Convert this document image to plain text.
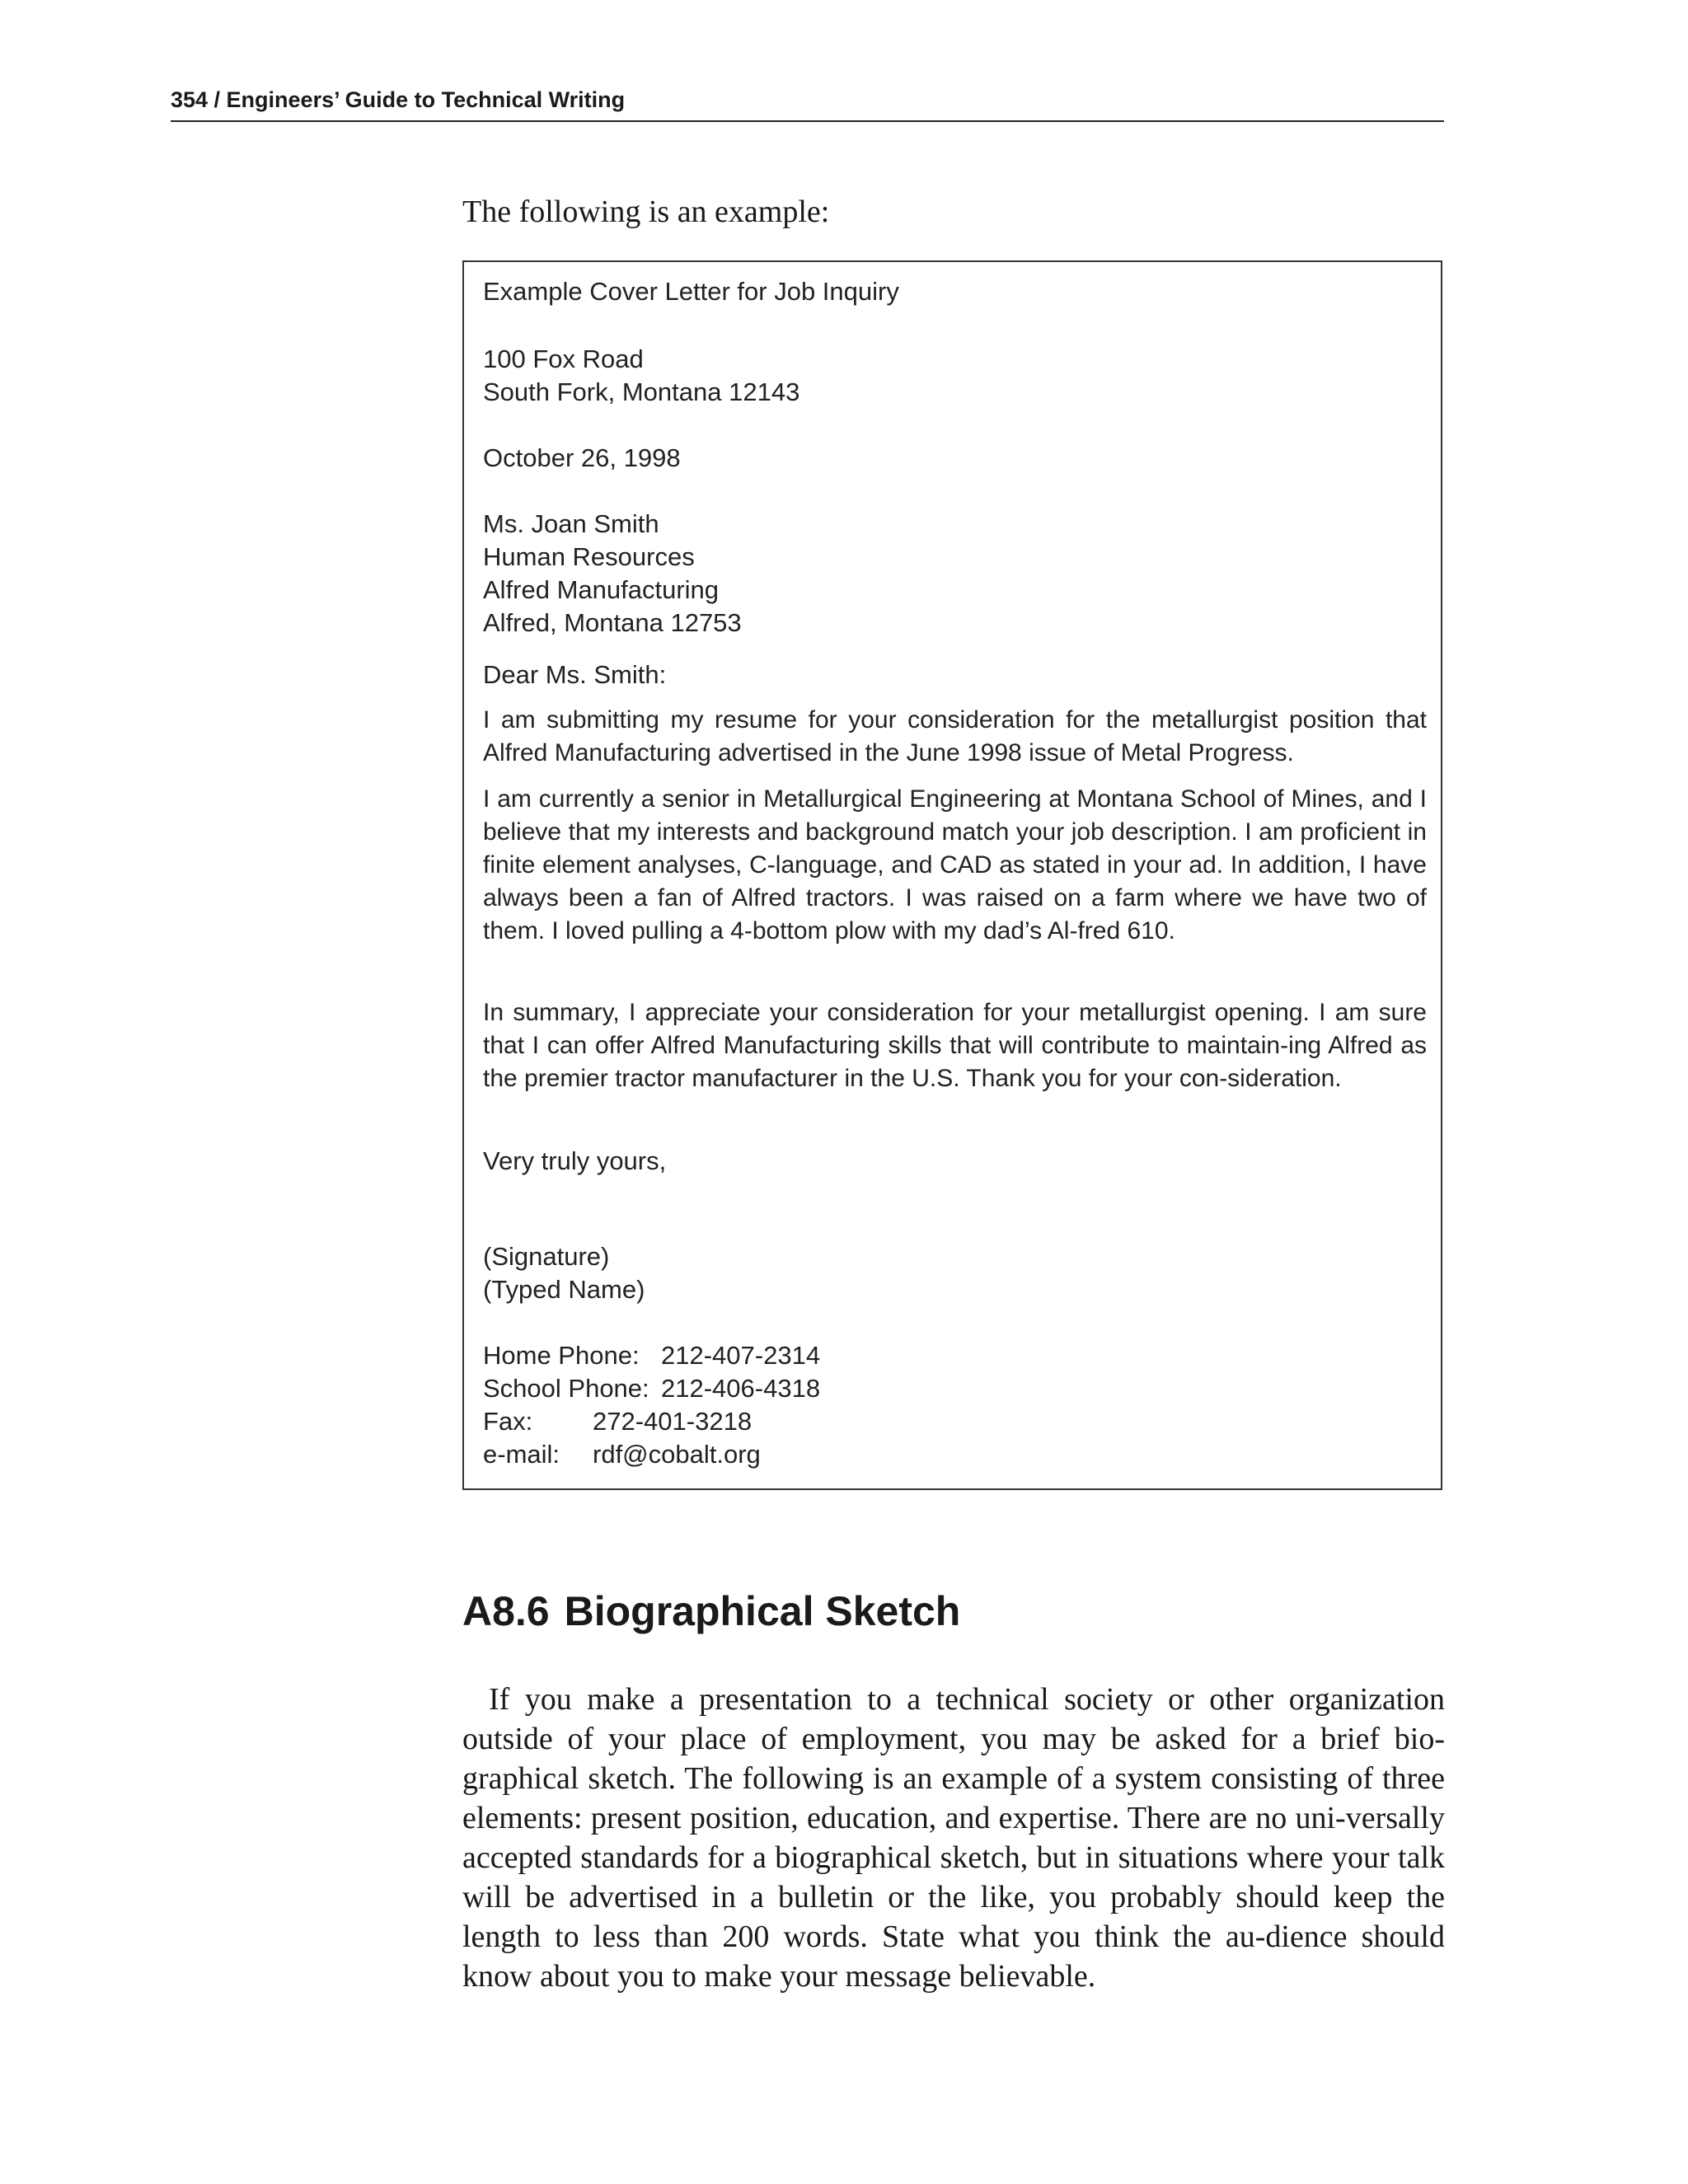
354 / Engineers’ Guide to Technical Writing
The following is an example:
Example Cover Letter for Job Inquiry
100 Fox Road
South Fork, Montana 12143
October 26, 1998
Ms. Joan Smith
Human Resources
Alfred Manufacturing
Alfred, Montana 12753
Dear Ms. Smith:
I am submitting my resume for your consideration for the metallurgist position that Alfred Manufacturing advertised in the June 1998 issue of Metal Progress.
I am currently a senior in Metallurgical Engineering at Montana School of Mines, and I believe that my interests and background match your job description. I am proficient in finite element analyses, C-language, and CAD as stated in your ad. In addition, I have always been a fan of Alfred tractors. I was raised on a farm where we have two of them. I loved pulling a 4-bottom plow with my dad’s Al-fred 610.
In summary, I appreciate your consideration for your metallurgist opening. I am sure that I can offer Alfred Manufacturing skills that will contribute to maintain-ing Alfred as the premier tractor manufacturer in the U.S. Thank you for your con-sideration.
Very truly yours,
(Signature)
(Typed Name)
Home Phone: 212-407-2314
School Phone: 212-406-4318
Fax: 272-401-3218
e-mail: rdf@cobalt.org
A8.6 Biographical Sketch
If you make a presentation to a technical society or other organization outside of your place of employment, you may be asked for a brief bio-graphical sketch. The following is an example of a system consisting of three elements: present position, education, and expertise. There are no uni-versally accepted standards for a biographical sketch, but in situations where your talk will be advertised in a bulletin or the like, you probably should keep the length to less than 200 words. State what you think the au-dience should know about you to make your message believable.
